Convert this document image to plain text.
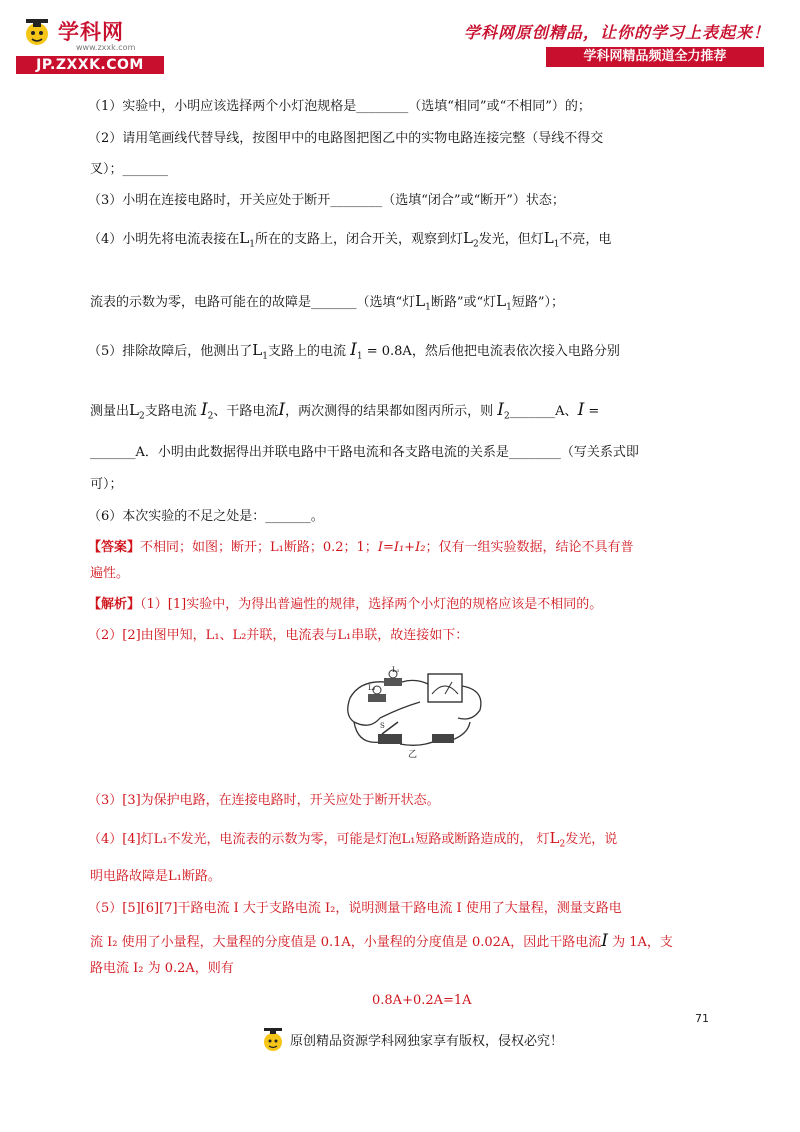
学科网
www.zxxk.com
JP.ZXXK.COM
学科网原创精品，让你的学习上表起来！
学科网精品频道全力推荐
（1）实验中，小明应该选择两个小灯泡规格是________（选填“相同”或“不相同”）的；
（2）请用笔画线代替导线，按图甲中的电路图把图乙中的实物电路连接完整（导线不得交
叉）；_______
（3）小明在连接电路时，开关应处于断开________（选填“闭合”或“断开”）状态；
（4）小明先将电流表接在$L_1$所在的支路上，闭合开关，观察到灯$L_2$发光，但灯$L_1$不亮，电
流表的示数为零，电路可能在的故障是_______（选填“灯$L_1$断路”或“灯$L_1$短路”）；
（5）排除故障后，他测出了$L_1$支路上的电流 $I_1 = 0.8A$，然后他把电流表依次接入电路分别
测量出$L_2$支路电流 $I_2$、干路电流I，两次测得的结果都如图丙所示，则 $I_2\_\_\_\_\_\_\_A$、I =
_______A．小明由此数据得出并联电路中干路电流和各支路电流的关系是________（写关系式即
可）；
（6）本次实验的不足之处是：_______。
【答案】不相同；如图；断开；L₁断路；0.2；1；I=I₁+I₂；仅有一组实验数据，结论不具有普
遍性。
【解析】（1）[1]实验中，为得出普遍性的规律，选择两个小灯泡的规格应该是不相同的。
（2）[2]由图甲知，L₁、L₂并联，电流表与L₁串联，故连接如下：
L₁
L₂
S
乙
（3）[3]为保护电路，在连接电路时，开关应处于断开状态。
（4）[4]灯L₁不发光，电流表的示数为零，可能是灯泡L₁短路或断路造成的， 灯$L_2$发光，说
明电路故障是L₁断路。
（5）[5][6][7]干路电流 I 大于支路电流 I₂，说明测量干路电流 I 使用了大量程，测量支路电
流 I₂ 使用了小量程，大量程的分度值是 0.1A，小量程的分度值是 0.02A，因此干路电流I 为 1A，支
路电流 I₂ 为 0.2A，则有
0.8A+0.2A=1A
71
原创精品资源学科网独家享有版权，侵权必究！
